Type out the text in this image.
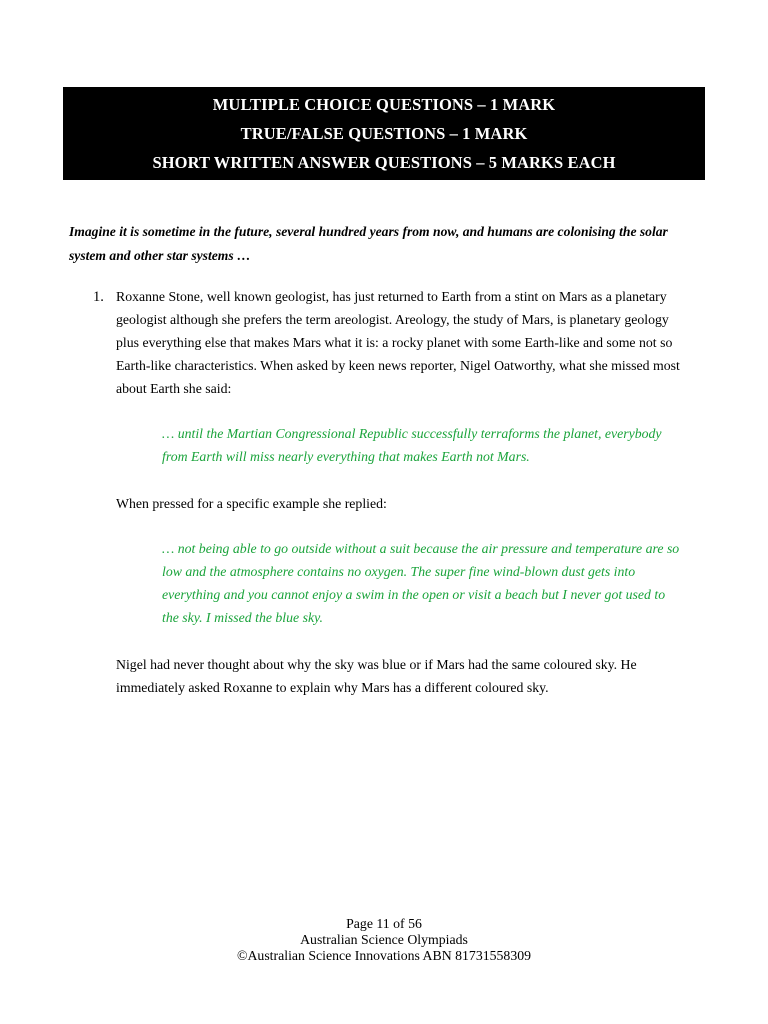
MULTIPLE CHOICE QUESTIONS – 1 MARK
TRUE/FALSE QUESTIONS – 1 MARK
SHORT WRITTEN ANSWER QUESTIONS – 5 MARKS EACH
Imagine it is sometime in the future, several hundred years from now, and humans are colonising the solar
system and other star systems …
1. Roxanne Stone, well known geologist, has just returned to Earth from a stint on Mars as a planetary
geologist although she prefers the term areologist. Areology, the study of Mars, is planetary geology
plus everything else that makes Mars what it is: a rocky planet with some Earth-like and some not so
Earth-like characteristics. When asked by keen news reporter, Nigel Oatworthy, what she missed most
about Earth she said:
… until the Martian Congressional Republic successfully terraforms the planet, everybody
from Earth will miss nearly everything that makes Earth not Mars.
When pressed for a specific example she replied:
… not being able to go outside without a suit because the air pressure and temperature are so
low and the atmosphere contains no oxygen. The super fine wind-blown dust gets into
everything and you cannot enjoy a swim in the open or visit a beach but I never got used to
the sky. I missed the blue sky.
Nigel had never thought about why the sky was blue or if Mars had the same coloured sky. He
immediately asked Roxanne to explain why Mars has a different coloured sky.
Page 11 of 56
Australian Science Olympiads
©Australian Science Innovations ABN 81731558309
